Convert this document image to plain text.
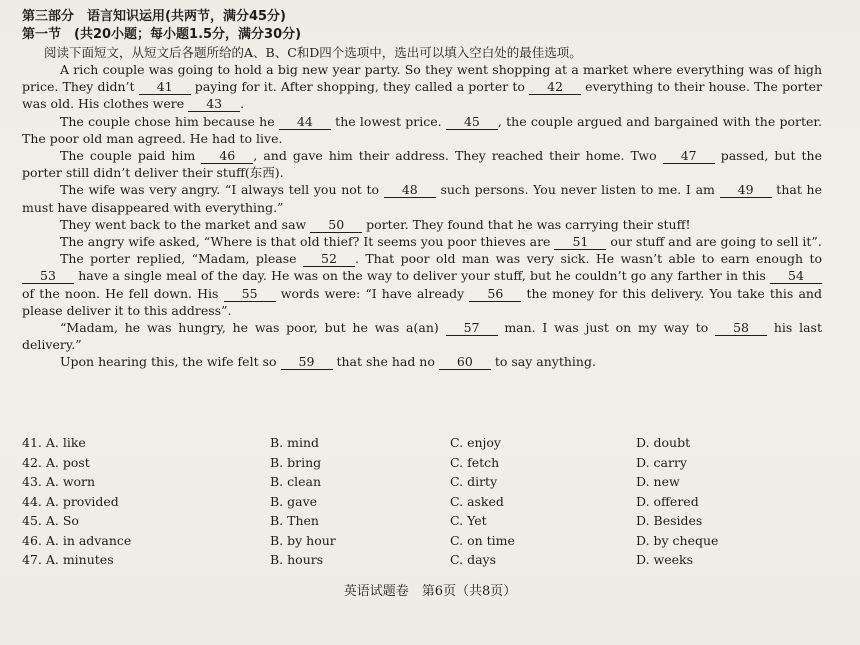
第三部分　语言知识运用(共两节，满分45分)
第一节　(共20小题；每小题1.5分，满分30分)
阅读下面短文，从短文后各题所给的A、B、C和D四个选项中，选出可以填入空白处的最佳选项。
A rich couple was going to hold a big new year party. So they went shopping at a market where everything was of high price. They didn’t 41 paying for it. After shopping, they called a porter to 42 everything to their house. The porter was old. His clothes were 43 .
The couple chose him because he 44 the lowest price. 45 , the couple argued and bargained with the porter. The poor old man agreed. He had to live.
The couple paid him 46 , and gave him their address. They reached their home. Two 47 passed, but the porter still didn’t deliver their stuff(东西).
The wife was very angry. “I always tell you not to 48 such persons. You never listen to me. I am 49 that he must have disappeared with everything.”
They went back to the market and saw 50 porter. They found that he was carrying their stuff!
The angry wife asked, “Where is that old thief? It seems you poor thieves are 51 our stuff and are going to sell it”.
The porter replied, “Madam, please 52 . That poor old man was very sick. He wasn’t able to earn enough to 53 have a single meal of the day. He was on the way to deliver your stuff, but he couldn’t go any farther in this 54 of the noon. He fell down. His 55 words were: “I have already 56 the money for this delivery. You take this and please deliver it to this address”.
“Madam, he was hungry, he was poor, but he was a(an) 57 man. I was just on my way to 58 his last delivery.”
Upon hearing this, the wife felt so 59 that she had no 60 to say anything.
41. A. like	B. mind	C. enjoy	D. doubt
42. A. post	B. bring	C. fetch	D. carry
43. A. worn	B. clean	C. dirty	D. new
44. A. provided	B. gave	C. asked	D. offered
45. A. So	B. Then	C. Yet	D. Besides
46. A. in advance	B. by hour	C. on time	D. by cheque
47. A. minutes	B. hours	C. days	D. weeks
英语试题卷　第6页（共8页）
